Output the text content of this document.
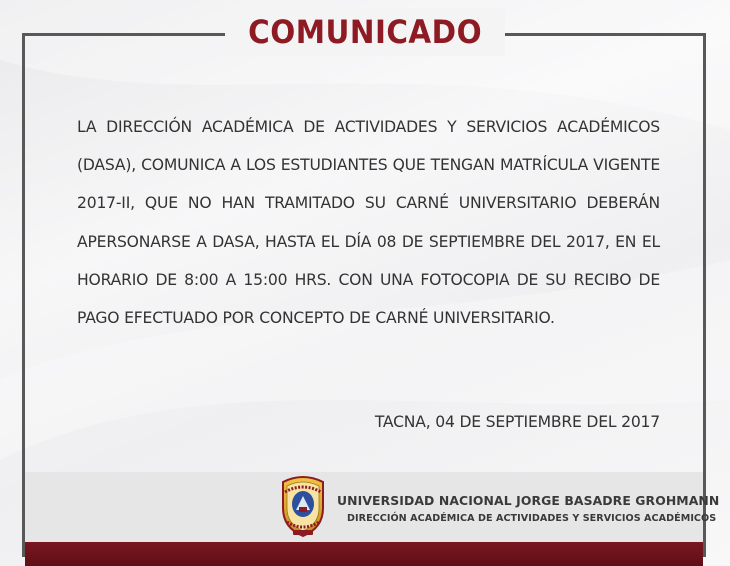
COMUNICADO
LA DIRECCIÓN ACADÉMICA DE ACTIVIDADES Y SERVICIOS ACADÉMICOS (DASA), COMUNICA A LOS ESTUDIANTES QUE TENGAN MATRÍCULA VIGENTE 2017-II, QUE NO HAN TRAMITADO SU CARNÉ UNIVERSITARIO DEBERÁN APERSONARSE A DASA, HASTA EL DÍA 08 DE SEPTIEMBRE DEL 2017, EN EL HORARIO DE 8:00 A 15:00 HRS. CON UNA FOTOCOPIA DE SU RECIBO DE PAGO EFECTUADO POR CONCEPTO DE CARNÉ UNIVERSITARIO.
TACNA, 04 DE SEPTIEMBRE DEL 2017
UNIVERSIDAD NACIONAL JORGE BASADRE GROHMANN
DIRECCIÓN ACADÉMICA DE ACTIVIDADES Y SERVICIOS ACADÉMICOS
